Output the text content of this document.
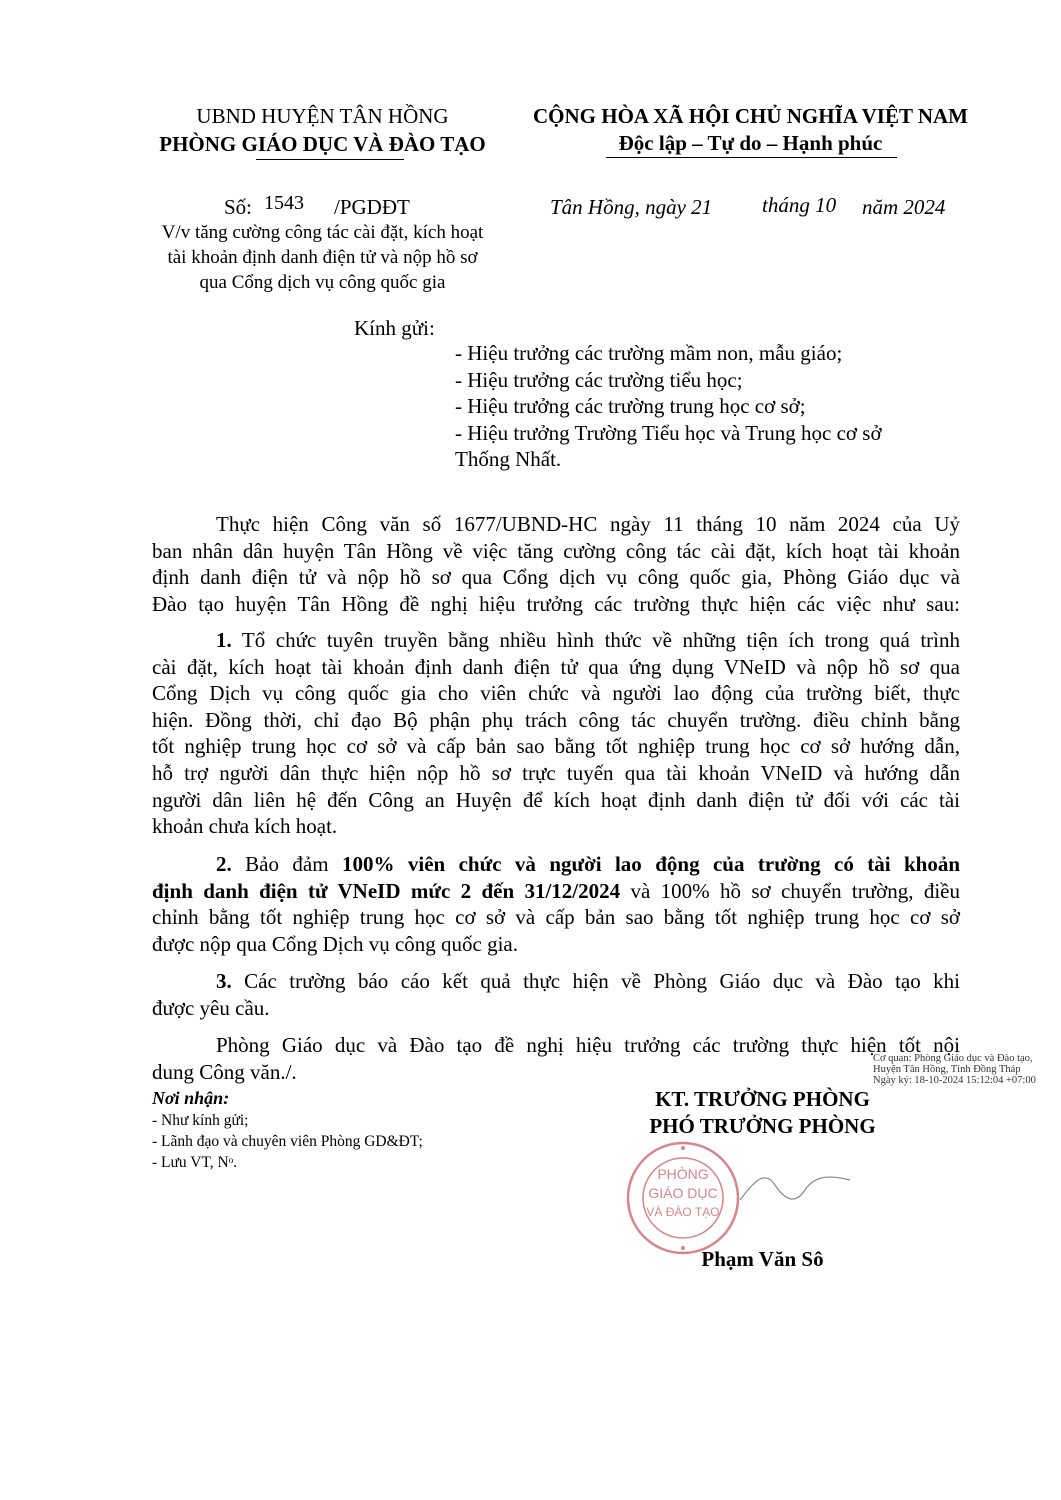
UBND HUYỆN TÂN HỒNG
PHÒNG GIÁO DỤC VÀ ĐÀO TẠO
CỘNG HÒA XÃ HỘI CHỦ NGHĨA VIỆT NAM
Độc lập – Tự do – Hạnh phúc
Số: 1543 /PGDĐT	Tân Hồng, ngày 21 tháng 10 năm 2024
V/v tăng cường công tác cài đặt, kích hoạt
tài khoản định danh điện tử và nộp hồ sơ
qua Cổng dịch vụ công quốc gia
Kính gửi:
- Hiệu trưởng các trường mầm non, mẫu giáo;
- Hiệu trưởng các trường tiểu học;
- Hiệu trưởng các trường trung học cơ sở;
- Hiệu trưởng Trường Tiểu học và Trung học cơ sở
Thống Nhất.
Thực hiện Công văn số 1677/UBND-HC ngày 11 tháng 10 năm 2024 của Uỷ
ban nhân dân huyện Tân Hồng về việc tăng cường công tác cài đặt, kích hoạt tài khoản
định danh điện tử và nộp hồ sơ qua Cổng dịch vụ công quốc gia, Phòng Giáo dục và
Đào tạo huyện Tân Hồng đề nghị hiệu trưởng các trường thực hiện các việc như sau:
1. Tổ chức tuyên truyền bằng nhiều hình thức về những tiện ích trong quá trình
cài đặt, kích hoạt tài khoản định danh điện tử qua ứng dụng VNeID và nộp hồ sơ qua
Cổng Dịch vụ công quốc gia cho viên chức và người lao động của trường biết, thực
hiện. Đồng thời, chỉ đạo Bộ phận phụ trách công tác chuyển trường. điều chỉnh bằng
tốt nghiệp trung học cơ sở và cấp bản sao bằng tốt nghiệp trung học cơ sở hướng dẫn,
hỗ trợ người dân thực hiện nộp hồ sơ trực tuyến qua tài khoản VNeID và hướng dẫn
người dân liên hệ đến Công an Huyện để kích hoạt định danh điện tử đối với các tài
khoản chưa kích hoạt.
2. Bảo đảm 100% viên chức và người lao động của trường có tài khoản
định danh điện tử VNeID mức 2 đến 31/12/2024 và 100% hồ sơ chuyển trường, điều
chỉnh bằng tốt nghiệp trung học cơ sở và cấp bản sao bằng tốt nghiệp trung học cơ sở
được nộp qua Cổng Dịch vụ công quốc gia.
3. Các trường báo cáo kết quả thực hiện về Phòng Giáo dục và Đào tạo khi
được yêu cầu.
Phòng Giáo dục và Đào tạo đề nghị hiệu trưởng các trường thực hiện tốt nội
dung Công văn./.
Cơ quan: Phòng Giáo dục và Đào tạo,
Huyện Tân Hồng, Tỉnh Đồng Tháp
Ngày ký: 18-10-2024 15:12:04 +07:00
Nơi nhận:
- Như kính gửi;
- Lãnh đạo và chuyên viên Phòng GD&ĐT;
- Lưu VT, Nᵒ.
KT. TRƯỞNG PHÒNG
PHÓ TRƯỞNG PHÒNG
PHÒNG
GIÁO DỤC
VÀ ĐÀO TẠO
Phạm Văn Sô
